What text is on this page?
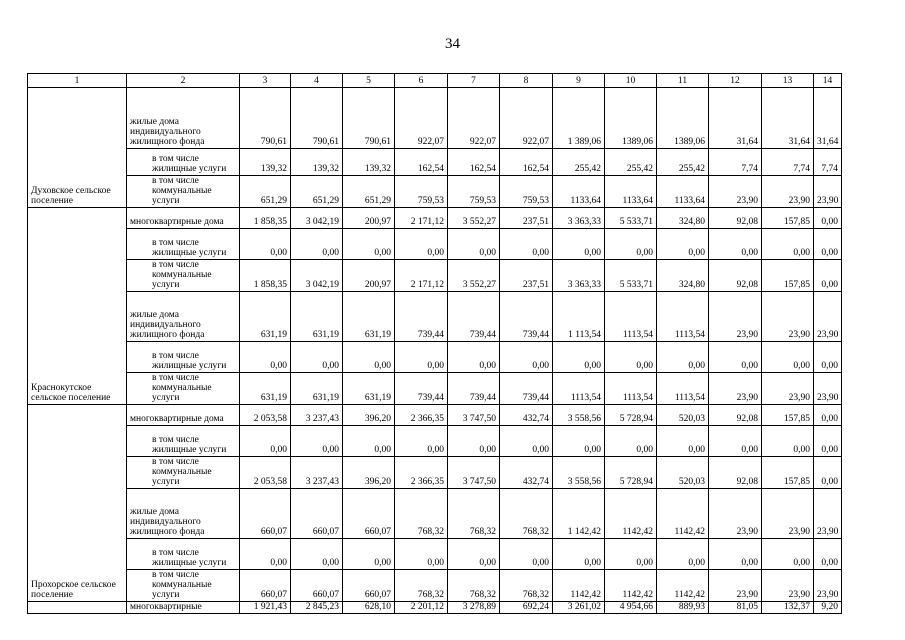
34
1	2	3	4	5	6	7	8	9	10	11	12	13	14
Духовское сельское поселение	жилые дома индивидуального жилищного фонда	790,61	790,61	790,61	922,07	922,07	922,07	1 389,06	1389,06	1389,06	31,64	31,64	31,64

	в том числе жилищные услуги	139,32	139,32	139,32	162,54	162,54	162,54	255,42	255,42	255,42	7,74	7,74	7,74

	в том числе коммунальные услуги	651,29	651,29	651,29	759,53	759,53	759,53	1133,64	1133,64	1133,64	23,90	23,90	23,90
Краснокутское сельское поселение	многоквартирные дома	1 858,35	3 042,19	200,97	2 171,12	3 552,27	237,51	3 363,33	5 533,71	324,80	92,08	157,85	0,00

	в том числе жилищные услуги	0,00	0,00	0,00	0,00	0,00	0,00	0,00	0,00	0,00	0,00	0,00	0,00

	в том числе коммунальные услуги	1 858,35	3 042,19	200,97	2 171,12	3 552,27	237,51	3 363,33	5 533,71	324,80	92,08	157,85	0,00
	жилые дома индивидуального жилищного фонда	631,19	631,19	631,19	739,44	739,44	739,44	1 113,54	1113,54	1113,54	23,90	23,90	23,90

	в том числе жилищные услуги	0,00	0,00	0,00	0,00	0,00	0,00	0,00	0,00	0,00	0,00	0,00	0,00

	в том числе коммунальные услуги	631,19	631,19	631,19	739,44	739,44	739,44	1113,54	1113,54	1113,54	23,90	23,90	23,90
Прохорское сельское поселение	многоквартирные дома	2 053,58	3 237,43	396,20	2 366,35	3 747,50	432,74	3 558,56	5 728,94	520,03	92,08	157,85	0,00

	в том числе жилищные услуги	0,00	0,00	0,00	0,00	0,00	0,00	0,00	0,00	0,00	0,00	0,00	0,00

	в том числе коммунальные услуги	2 053,58	3 237,43	396,20	2 366,35	3 747,50	432,74	3 558,56	5 728,94	520,03	92,08	157,85	0,00
	жилые дома индивидуального жилищного фонда	660,07	660,07	660,07	768,32	768,32	768,32	1 142,42	1142,42	1142,42	23,90	23,90	23,90

	в том числе жилищные услуги	0,00	0,00	0,00	0,00	0,00	0,00	0,00	0,00	0,00	0,00	0,00	0,00

	в том числе коммунальные услуги	660,07	660,07	660,07	768,32	768,32	768,32	1142,42	1142,42	1142,42	23,90	23,90	23,90
	многоквартирные	1 921,43	2 845,23	628,10	2 201,12	3 278,89	692,24	3 261,02	4 954,66	889,93	81,05	132,37	9,20
